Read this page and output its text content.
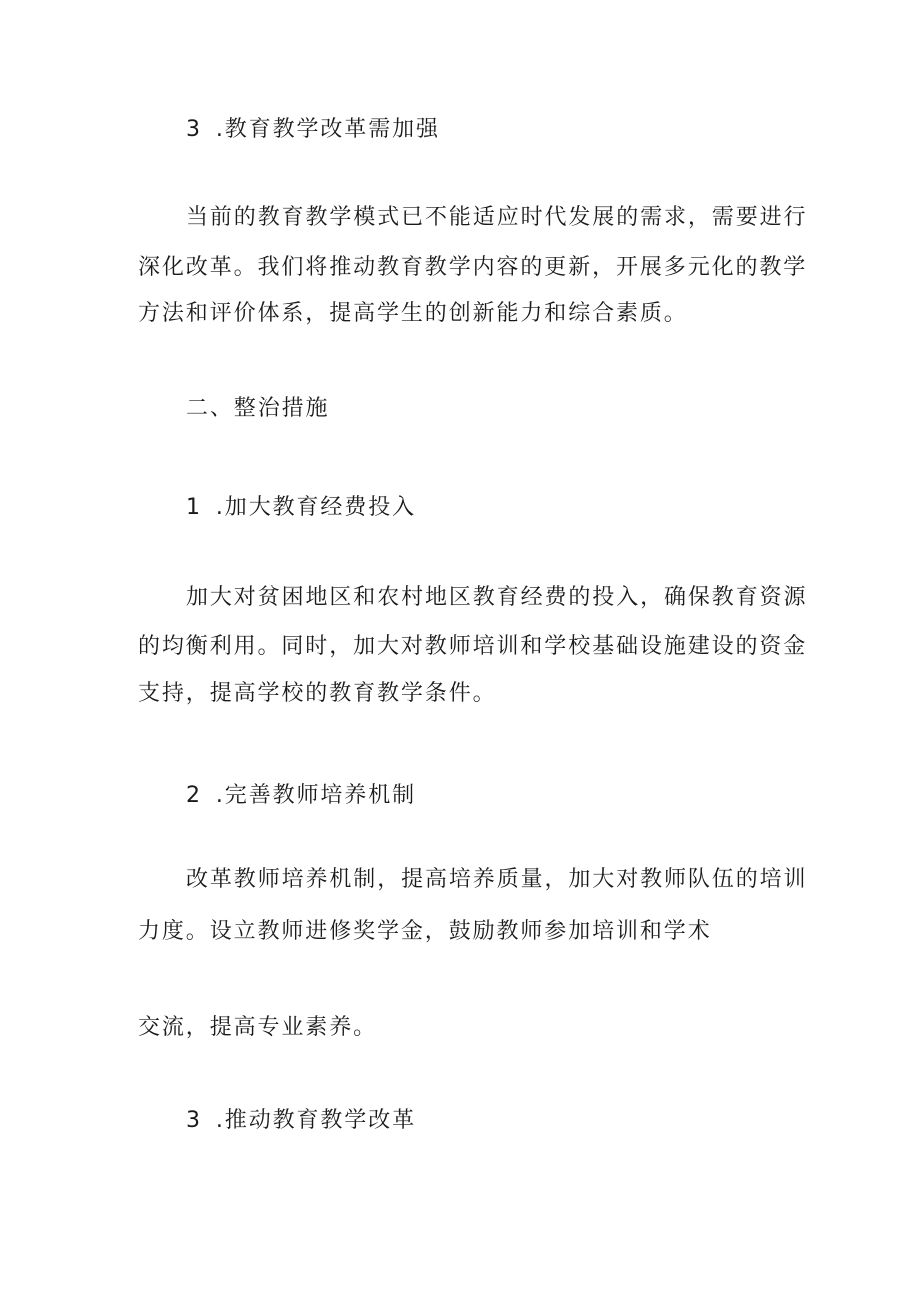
3 .教育教学改革需加强

当前的教育教学模式已不能适应时代发展的需求，需要进行

深化改革。我们将推动教育教学内容的更新，开展多元化的教学

方法和评价体系，提高学生的创新能力和综合素质。

二、整治措施

1 .加大教育经费投入

加大对贫困地区和农村地区教育经费的投入，确保教育资源

的均衡利用。同时，加大对教师培训和学校基础设施建设的资金

支持，提高学校的教育教学条件。

2 .完善教师培养机制

改革教师培养机制，提高培养质量，加大对教师队伍的培训

力度。设立教师进修奖学金，鼓励教师参加培训和学术

交流，提高专业素养。

3 .推动教育教学改革
